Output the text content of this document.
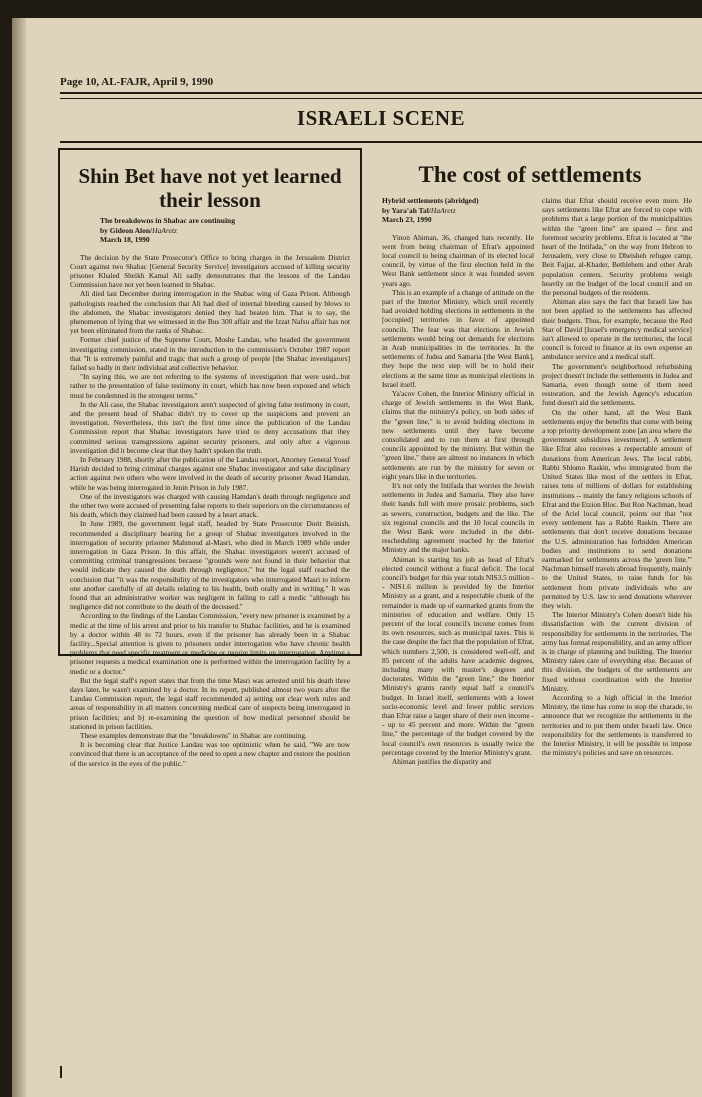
Page 10, AL-FAJR, April 9, 1990

ISRAELI SCENE
Shin Bet have not yet learned their lesson
The breakdowns in Shabac are continuing
by Gideon Alon/HaAretz
March 18, 1990

The decision by the State Prosecutor's Office to bring charges in the Jerusalem District Court against two Shabac [General Security Service] investigators accused of killing security prisoner Khaled Sheikh Kamal Ali sadly demonstrates that the lessons of the Landau Commission have not yet been learned in Shabac.

Ali died last December during interrogation in the Shabac wing of Gaza Prison. Although pathologists reached the conclusion that Ali had died of internal bleeding caused by blows to the abdomen, the Shabac investigators denied they had beaten him. That is to say, the phenomenon of lying that we witnessed in the Bus 300 affair and the Izzat Nafsu affair has not yet been eliminated from the ranks of Shabac.

Former chief justice of the Supreme Court, Moshe Landau, who headed the government investigating commission, stated in the introduction to the commission's October 1987 report that "It is extremely painful and tragic that such a group of people [the Shabac investigators] failed so badly in their individual and collective behavior.

"In saying this, we are not referring to the systems of investigation that were used...but rather to the presentation of false testimony in court, which has now been exposed and which must be condemned in the strongest terms."

In the Ali case, the Shabac investigators aren't suspected of giving false testimony in court, and the present head of Shabac didn't try to cover up the suspicions and prevent an investigation. Nevertheless, this isn't the first time since the publication of the Landau Commission report that Shabac investigators have tried to deny accusations that they committed serious transgressions against security prisoners, and only after a vigorous investigation did it become clear that they hadn't spoken the truth.

In February 1988, shortly after the publication of the Landau report, Attorney General Yosef Harish decided to bring criminal charges against one Shabac investigator and take disciplinary action against two others who were involved in the death of security prisoner Awad Hamdan, while he was being interrogated in Jenin Prison in July 1987.

One of the investigators was charged with causing Hamdan's death through negligence and the other two were accused of presenting false reports to their superiors on the circumstances of his death, which they claimed had been caused by a heart attack.

In June 1989, the government legal staff, headed by State Prosecutor Dorit Beinish, recommended a disciplinary hearing for a group of Shabac investigators involved in the interrogation of security prisoner Mahmoud al-Masri, who died in March 1989 while under interrogation in Gaza Prison. In this affair, the Shabac investigators weren't accused of committing criminal transgressions because "grounds were not found in their behavior that would indicate they caused the death through negligence," but the legal staff reached the conclusion that "it was the responsibility of the investigators who interrogated Masri to inform one another carefully of all details relating to his health, both orally and in writing." It was found that an administrative worker was negligent in failing to call a medic "although his negligence did not contribute to the death of the deceased."

According to the findings of the Landau Commission, "every new prisoner is examined by a medic at the time of his arrest and prior to his transfer to Shabac facilities, and he is examined by a doctor within 48 to 72 hours, even if the prisoner has already been in a Shabac facility...Special attention is given to prisoners under interrogation who have chronic health problems that need specific treatment or medicine or require limits on interrogation. Anytime a prisoner requests a medical examination one is performed within the interrogation facility by a medic or a doctor."

But the legal staff's report states that from the time Masri was arrested until his death three days later, he wasn't examined by a doctor. In its report, published almost two years after the Landau Commission report, the legal staff recommended a) setting out clear work rules and areas of responsibility in all matters concerning medical care of suspects being interrogated in prison facilities; and b) re-examining the question of how medical personnel should be stationed in prison facilities.

These examples demonstrate that the "breakdowns" in Shabac are continuing.

It is becoming clear that Justice Landau was too optimistic when he said, "We are now convinced that there is an acceptance of the need to open a new chapter and restore the position of the service in the eyes of the public."

The cost of settlements
Hybrid settlements (abridged)
by Yara'ah Tal/HaAretz
March 23, 1990

Yinon Ahiman, 36, changed hats recently. He went from being chairman of Efrat's appointed local council to being chairman of its elected local council, by virtue of the first election held in the West Bank settlement since it was founded seven years ago.

This is an example of a change of attitude on the part of the Interior Ministry, which until recently had avoided holding elections in settlements in the [occupied] territories in favor of appointed councils. The fear was that elections in Jewish settlements would bring out demands for elections in Arab municipalities in the territories. In the settlements of Judea and Samaria [the West Bank], they hope the next step will be to hold their elections at the same time as municipal elections in Israel itself.

Ya'acov Cohen, the Interior Ministry official in charge of Jewish settlements in the West Bank, claims that the ministry's policy, on both sides of the "green line," is to avoid holding elections in new settlements until they have become consolidated and to run them at first through councils appointed by the ministry. But within the "green line," there are almost no instances in which settlements are run by the ministry for seven or eight years like in the territories.

It's not only the Intifada that worries the Jewish settlements in Judea and Samaria. They also have their hands full with more prosaic problems, such as sewers, construction, budgets and the like. The six regional councils and the 10 local councils in the West Bank were included in the debt-rescheduling agreement reached by the Interior Ministry and the major banks.

Ahiman is starting his job as head of Efrat's elected council without a fiscal deficit. The local council's budget for this year totals NIS3.5 million -- NIS1.6 million is provided by the Interior Ministry as a grant, and a respectable chunk of the remainder is made up of earmarked grants from the ministries of education and welfare. Only 15 percent of the local council's income comes from its own resources, such as municipal taxes. This is the case despite the fact that the population of Efrat, which numbers 2,500, is considered well-off, and 85 percent of the adults have academic degrees, including many with master's degrees and doctorates. Within the "green line," the Interior Ministry's grants rarely equal half a council's budget. In Israel itself, settlements with a lower socio-economic level and fewer public services than Efrat raise a larger share of their own income -- up to 45 percent and more. Within the "green line," the percentage of the budget covered by the local council's own resources is usually twice the percentage covered by the Interior Ministry's grant.

Ahiman justifies the disparity and

claims that Efrat should receive even more. He says settlements like Efrat are forced to cope with problems that a large portion of the municipalities within the "green line" are spared -- first and foremost security problems. Efrat is located at "the heart of the Intifada," on the way from Hebron to Jerusalem, very close to Dheisheh refugee camp, Beit Fajjar, al-Khader, Bethlehem and other Arab population centers. Security problems weigh heavily on the budget of the local council and on the personal budgets of the residents.

Ahiman also says the fact that Israeli law has not been applied to the settlements has affected their budgets. Thus, for example, because the Red Star of David [Israel's emergency medical service] isn't allowed to operate in the territories, the local council is forced to finance at its own expense an ambulance service and a medical staff.

The government's neighborhood refurbishing project doesn't include the settlements in Judea and Samaria, even though some of them need restoration, and the Jewish Agency's education fund doesn't aid the settlements.

On the other hand, all the West Bank settlements enjoy the benefits that come with being a top priority development zone [an area where the government subsidizes investment]. A settlement like Efrat also receives a respectable amount of donations from American Jews. The local rabbi, Rabbi Shlomo Raskin, who immigrated from the United States like most of the settlers in Efrat, raises tens of millions of dollars for establishing institutions -- mainly the fancy religious schools of Efrat and the Etzion Bloc. But Ron Nachman, head of the Ariel local council, points out that "not every settlement has a Rabbi Raskin. There are settlements that don't receive donations because the U.S. administration has forbidden American bodies and institutions to send donations earmarked for settlements across the 'green line.'" Nachman himself travels abroad frequently, mainly to the United States, to raise funds for his settlement from private individuals who are permitted by U.S. law to send donations wherever they wish.

The Interior Ministry's Cohen doesn't hide his dissatisfaction with the current division of responsibility for settlements in the territories. The army has formal responsibility, and an army officer is in charge of planning and building. The Interior Ministry takes care of everything else. Because of this division, the budgets of the settlements are fixed without coordination with the Interior Ministry.

According to a high official in the Interior Ministry, the time has come to stop the charade, to announce that we recognize the settlements in the territories and to put them under Israeli law. Once responsibility for the settlements is transferred to the Interior Ministry, it will be possible to impose the ministry's policies and save on resources.
